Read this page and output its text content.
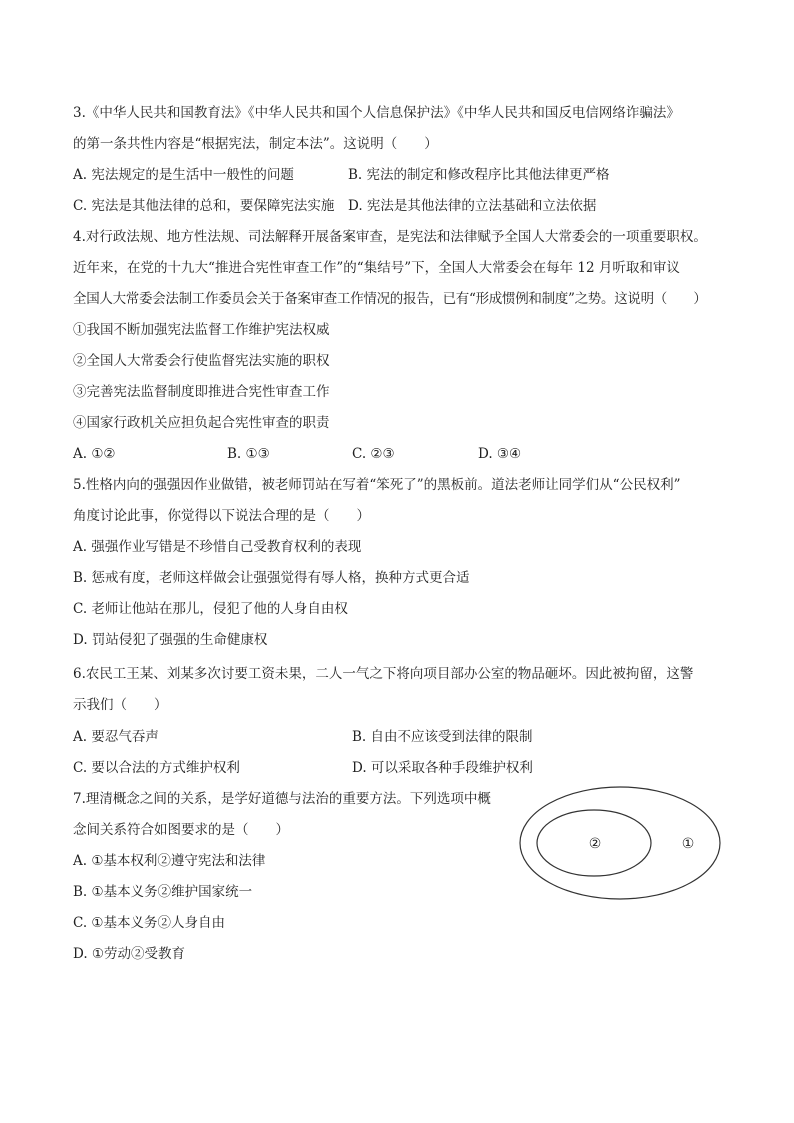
3.《中华人民共和国教育法》《中华人民共和国个人信息保护法》《中华人民共和国反电信网络诈骗法》
的第一条共性内容是“根据宪法，制定本法”。这说明（　　）
A. 宪法规定的是生活中一般性的问题	B. 宪法的制定和修改程序比其他法律更严格
C. 宪法是其他法律的总和，要保障宪法实施 D. 宪法是其他法律的立法基础和立法依据
4.对行政法规、地方性法规、司法解释开展备案审查，是宪法和法律赋予全国人大常委会的一项重要职权。
近年来，在党的十九大“推进合宪性审查工作”的“集结号”下，全国人大常委会在每年 12 月听取和审议
全国人大常委会法制工作委员会关于备案审查工作情况的报告，已有“形成惯例和制度”之势。这说明（　　）
①我国不断加强宪法监督工作维护宪法权威
②全国人大常委会行使监督宪法实施的职权
③完善宪法监督制度即推进合宪性审查工作
④国家行政机关应担负起合宪性审查的职责
A. ①②	B. ①③	C. ②③	D. ③④
5.性格内向的强强因作业做错，被老师罚站在写着“笨死了”的黑板前。道法老师让同学们从“公民权利”
角度讨论此事，你觉得以下说法合理的是（　　）
A. 强强作业写错是不珍惜自己受教育权利的表现
B. 惩戒有度，老师这样做会让强强觉得有辱人格，换种方式更合适
C. 老师让他站在那儿，侵犯了他的人身自由权
D. 罚站侵犯了强强的生命健康权
6.农民工王某、刘某多次讨要工资未果，二人一气之下将向项目部办公室的物品砸坏。因此被拘留，这警
示我们（　　）
A. 要忍气吞声	B. 自由不应该受到法律的限制
C. 要以合法的方式维护权利	D. 可以采取各种手段维护权利
7.理清概念之间的关系，是学好道德与法治的重要方法。下列选项中概
念间关系符合如图要求的是（　　）
A. ①基本权利②遵守宪法和法律
B. ①基本义务②维护国家统一
C. ①基本义务②人身自由
D. ①劳动②受教育
②	①
